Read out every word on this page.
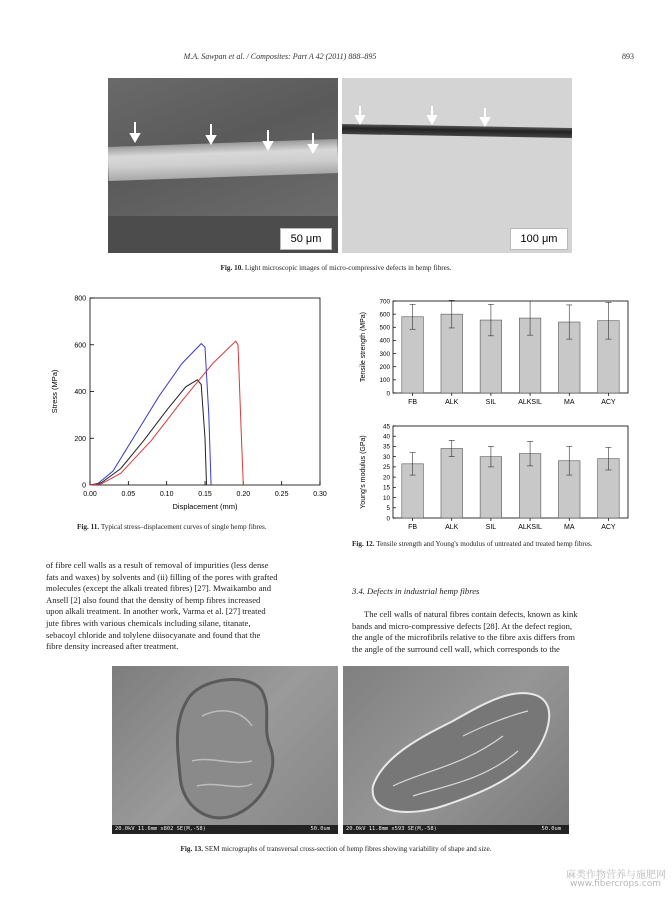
M.A. Sawpan et al. / Composites: Part A 42 (2011) 888–895	893
50 μm	100 μm
Fig. 10. Light microscopic images of micro-compressive defects in hemp fibres.
0.00	0.05	0.10	0.15	0.20	0.25	0.30
0
200
400
600
800
Displacement (mm)
Stress (MPa)
Fig. 11. Typical stress–displacement curves of single hemp fibres.
0
100
200
300
400
500
600
700
Tensile strength (MPa)
FB	ALK	SIL	ALKSIL	MA	ACY
0
5
10
15
20
25
30
35
40
45
Young's modulus (GPa)
FB	ALK	SIL	ALKSIL	MA	ACY
Fig. 12. Tensile strength and Young's modulus of untreated and treated hemp fibres.
of fibre cell walls as a result of removal of impurities (less dense
fats and waxes) by solvents and (ii) filling of the pores with grafted
molecules (except the alkali treated fibres) [27]. Mwaikambo and
Ansell [2] also found that the density of hemp fibres increased
upon alkali treatment. In another work, Varma et al. [27] treated
jute fibres with various chemicals including silane, titanate,
sebacoyl chloride and tolylene diisocyanate and found that the
fibre density increased after treatment.
3.4. Defects in industrial hemp fibres
The cell walls of natural fibres contain defects, known as kink
bands and micro-compressive defects [28]. At the defect region,
the angle of the microfibrils relative to the fibre axis differs from
the angle of the surround cell wall, which corresponds to the
20.0kV 11.6mm x802 SE(M,-58)	50.0um	20.0kV 11.8mm x593 SE(M,-58)	50.0um
Fig. 13. SEM micrographs of transversal cross-section of hemp fibres showing variability of shape and size.
麻类作物营养与施肥网
www.fibercrops.com
